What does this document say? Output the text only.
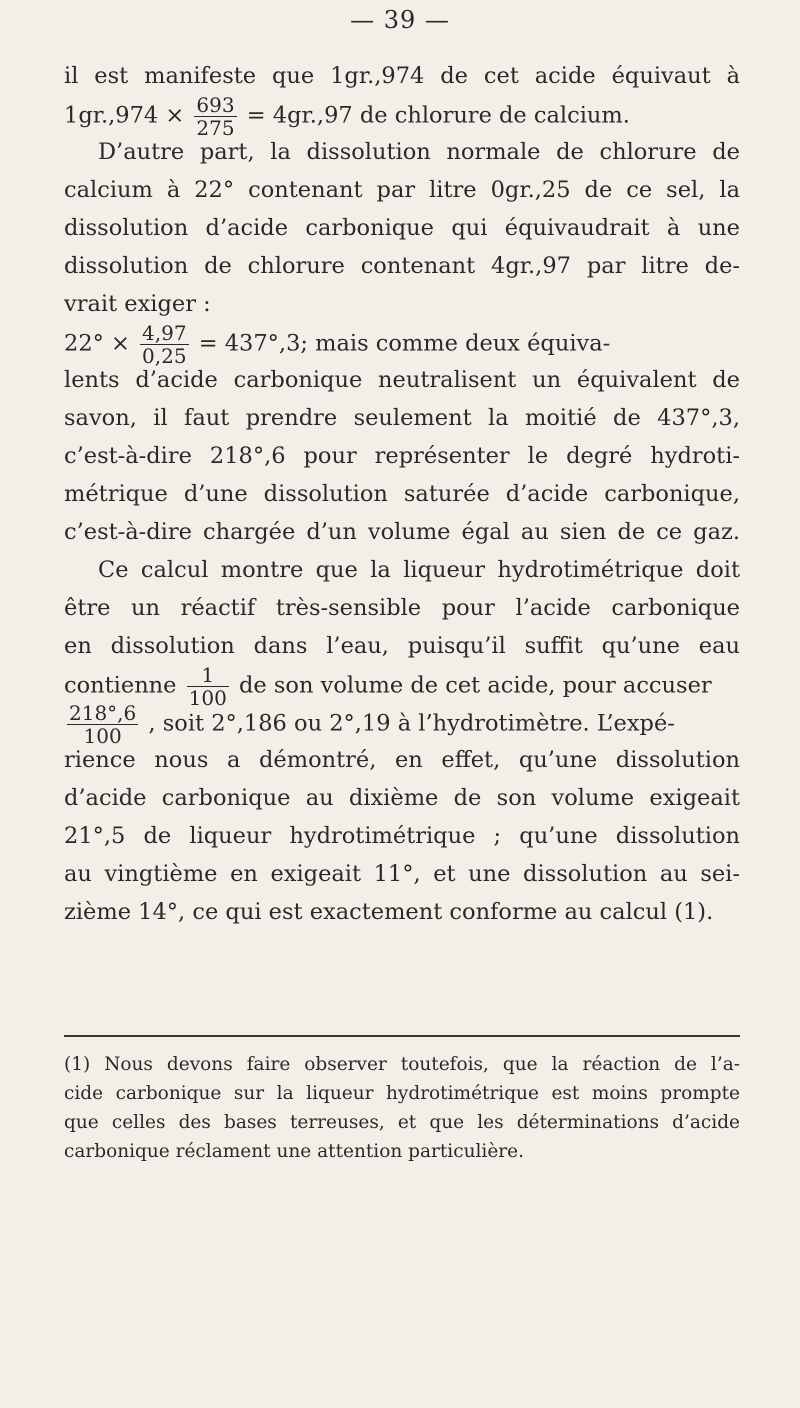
— 39 —
il est manifeste que 1gr.,974 de cet acide équivaut à
$1gr.,974 \times \frac{693}{275} = 4gr.,97$ de chlorure de calcium.
D’autre part, la dissolution normale de chlorure de
calcium à 22° contenant par litre 0gr.,25 de ce sel, la
dissolution d’acide carbonique qui équivaudrait à une
dissolution de chlorure contenant 4gr.,97 par litre de-
vrait exiger :
$22^\circ \times \frac{4,97}{0,25} = 437^\circ,3$; mais comme deux équiva-
lents d’acide carbonique neutralisent un équivalent de
savon, il faut prendre seulement la moitié de 437°,3,
c’est-à-dire 218°,6 pour représenter le degré hydroti-
métrique d’une dissolution saturée d’acide carbonique,
c’est-à-dire chargée d’un volume égal au sien de ce gaz.
Ce calcul montre que la liqueur hydrotimétrique doit
être un réactif très-sensible pour l’acide carbonique
en dissolution dans l’eau, puisqu’il suffit qu’une eau
contienne $\frac{1}{100}$ de son volume de cet acide, pour accuser
$\frac{218^\circ,6}{100}$ , soit 2°,186 ou 2°,19 à l’hydrotimètre. L’expé-
rience nous a démontré, en effet, qu’une dissolution
d’acide carbonique au dixième de son volume exigeait
21°,5 de liqueur hydrotimétrique ; qu’une dissolution
au vingtième en exigeait 11°, et une dissolution au sei-
zième 14°, ce qui est exactement conforme au calcul (1).
(1) Nous devons faire observer toutefois, que la réaction de l’a-
cide carbonique sur la liqueur hydrotimétrique est moins prompte
que celles des bases terreuses, et que les déterminations d’acide
carbonique réclament une attention particulière.
